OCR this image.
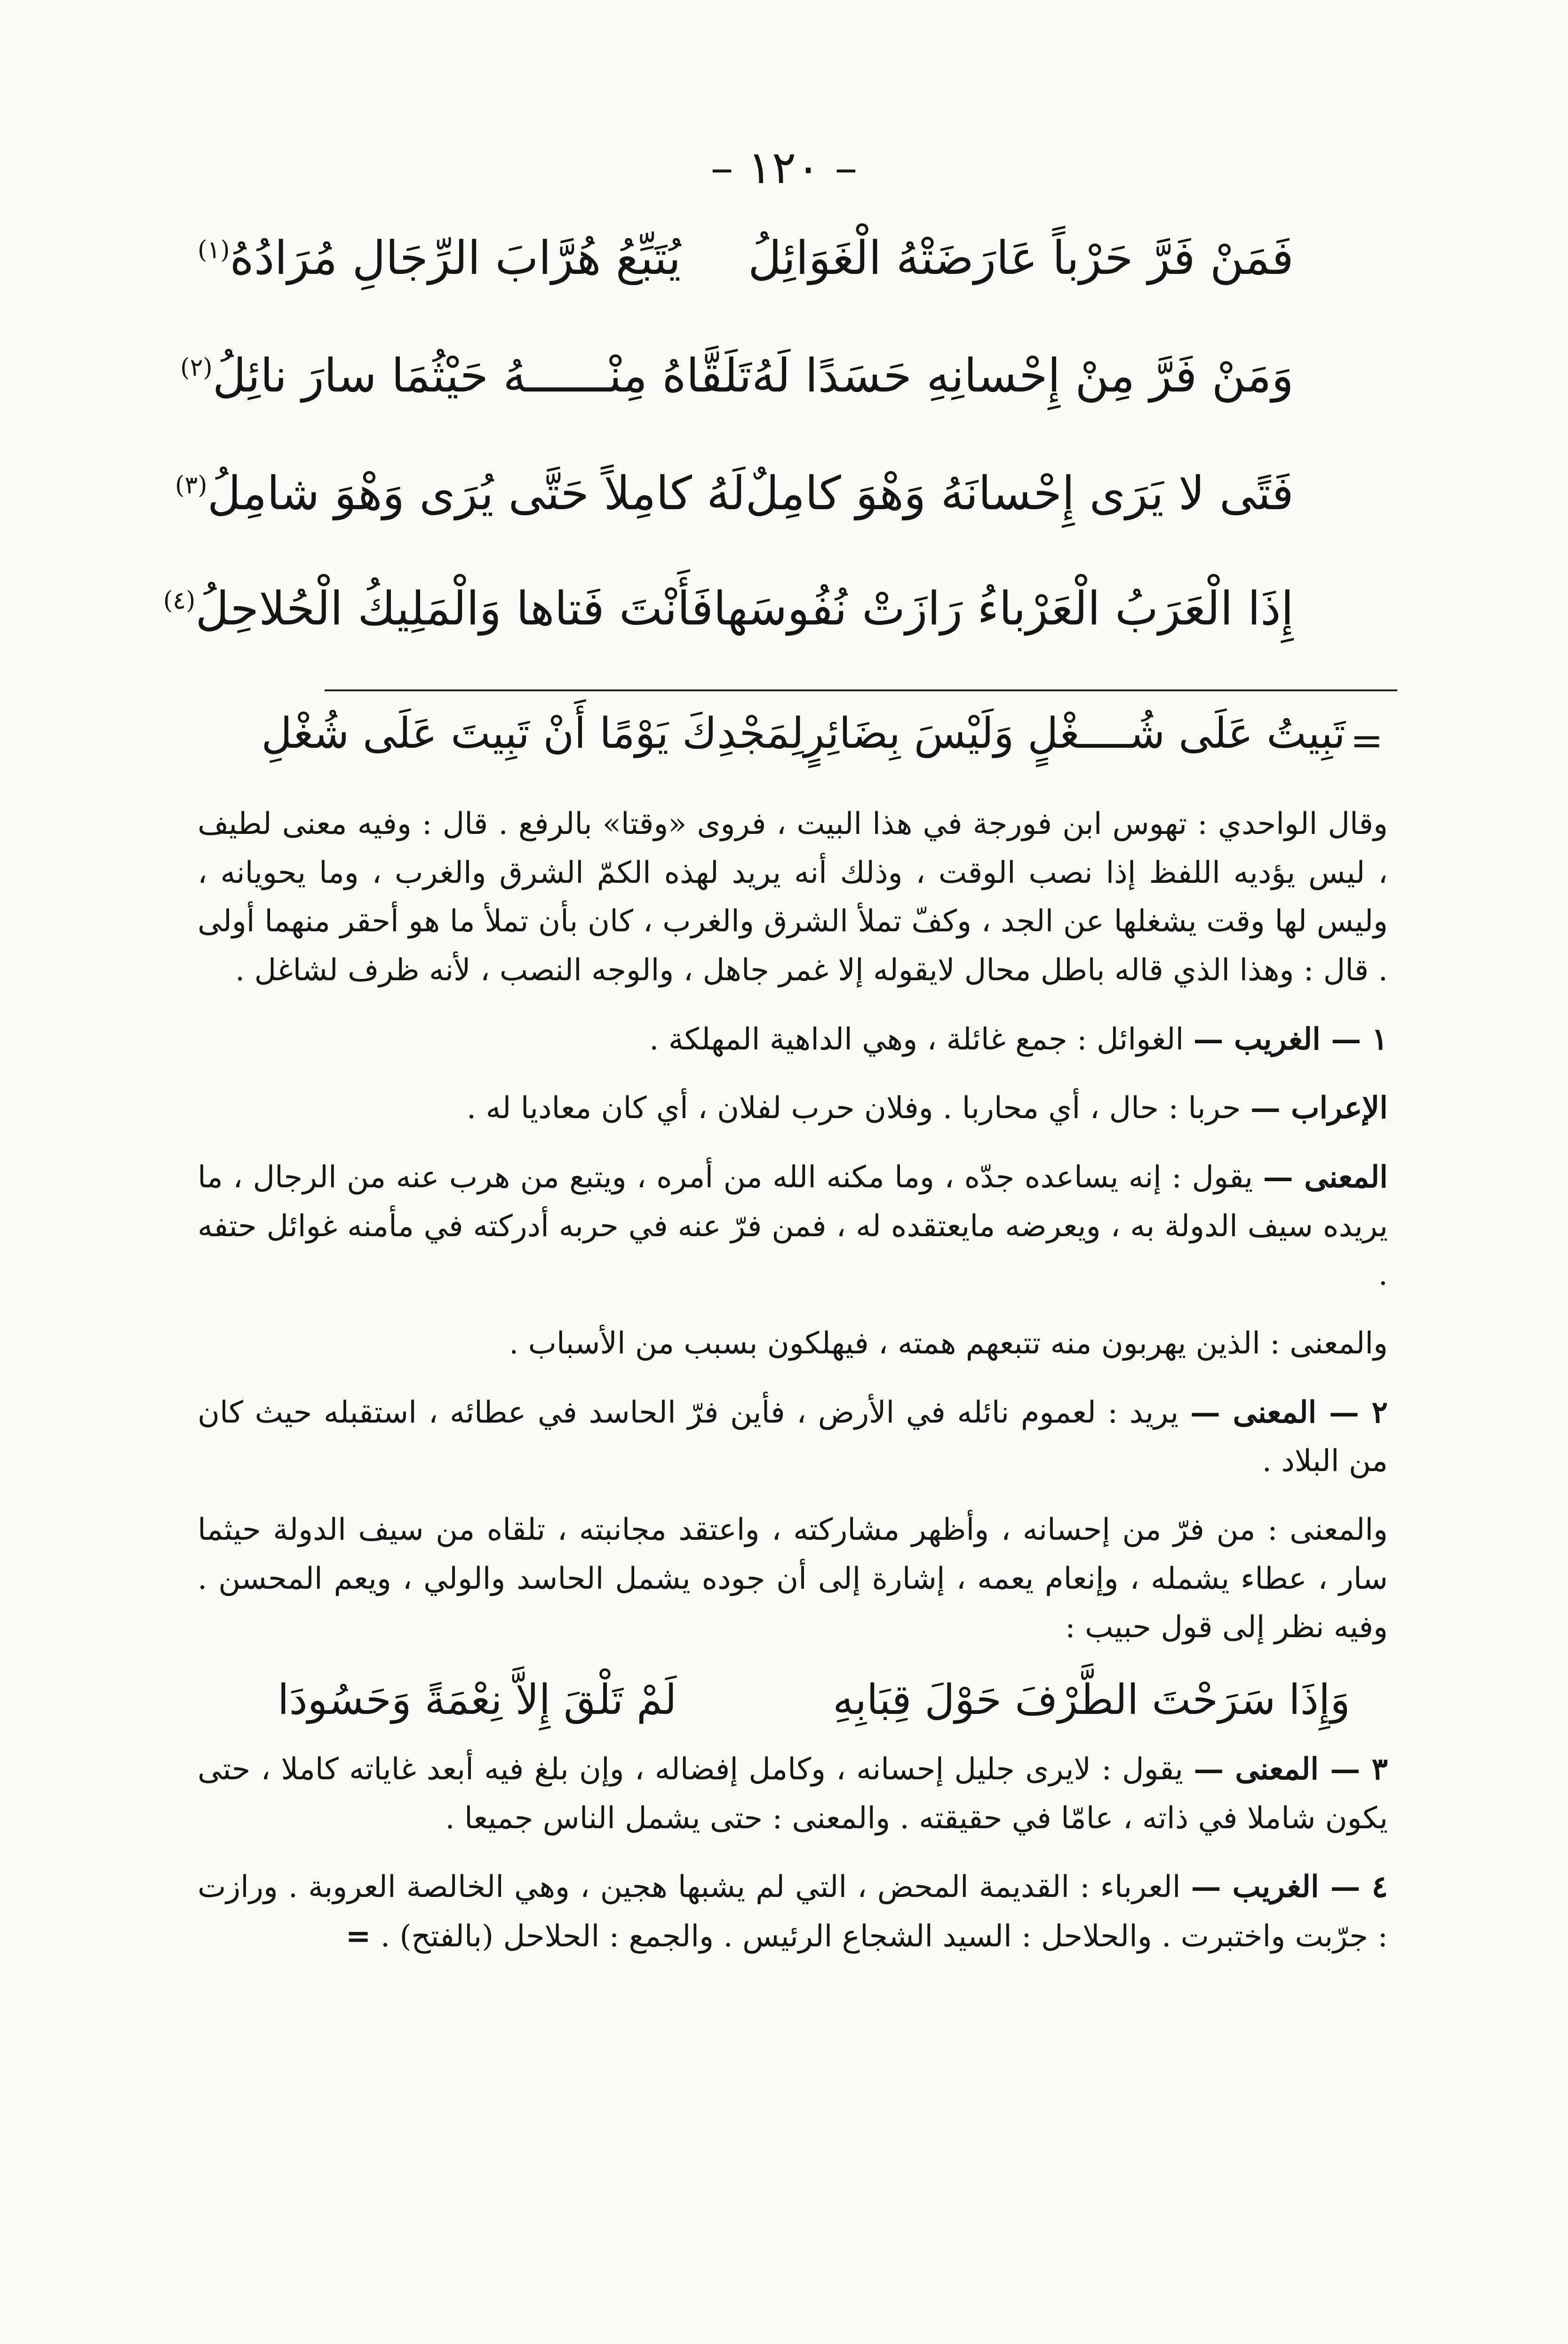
– ١٢٠ –
فَمَنْ فَرَّ حَرْباً عَارَضَتْهُ الْغَوَائِلُ
يُتَبِّعُ هُرَّابَ الرِّجَالِ مُرَادُهُ$^{(١)}$
وَمَنْ فَرَّ مِنْ إِحْسانِهِ حَسَدًا لَهُ
تَلَقَّاهُ مِنْــــــهُ حَيْثُمَا سارَ نائِلُ$^{(٢)}$
فَتًى لا يَرَى إِحْسانَهُ وَهْوَ كامِلٌ
لَهُ كامِلاً حَتَّى يُرَى وَهْوَ شامِلُ$^{(٣)}$
إِذَا الْعَرَبُ الْعَرْباءُ رَازَتْ نُفُوسَها
فَأَنْتَ فَتاها وَالْمَلِيكُ الْحُلاحِلُ$^{(٤)}$
=
تَبِيتُ عَلَى شُــــغْلٍ وَلَيْسَ بِضَائِرٍ
لِمَجْدِكَ يَوْمًا أَنْ تَبِيتَ عَلَى شُغْلِ

وقال الواحدي : تهوس ابن فورجة في هذا البيت ، فروى «وقتا» بالرفع . قال : وفيه معنى لطيف ، ليس يؤديه اللفظ إذا نصب الوقت ، وذلك أنه يريد لهذه الكمّ الشرق والغرب ، وما يحويانه ، وليس لها وقت يشغلها عن الجد ، وكفّ تملأ الشرق والغرب ، كان بأن تملأ ما هو أحقر منهما أولى . قال : وهذا الذي قاله باطل محال لايقوله إلا غمر جاهل ، والوجه النصب ، لأنه ظرف لشاغل .

١ — الغريب — الغوائل : جمع غائلة ، وهي الداهية المهلكة .

الإعراب — حربا : حال ، أي محاربا . وفلان حرب لفلان ، أي كان معاديا له .

المعنى — يقول : إنه يساعده جدّه ، وما مكنه الله من أمره ، ويتبع من هرب عنه من الرجال ، ما يريده سيف الدولة به ، ويعرضه مايعتقده له ، فمن فرّ عنه في حربه أدركته في مأمنه غوائل حتفه .

والمعنى : الذين يهربون منه تتبعهم همته ، فيهلكون بسبب من الأسباب .

٢ — المعنى — يريد : لعموم نائله في الأرض ، فأين فرّ الحاسد في عطائه ، استقبله حيث كان من البلاد .

والمعنى : من فرّ من إحسانه ، وأظهر مشاركته ، واعتقد مجانبته ، تلقاه من سيف الدولة حيثما سار ، عطاء يشمله ، وإنعام يعمه ، إشارة إلى أن جوده يشمل الحاسد والولي ، ويعم المحسن . وفيه نظر إلى قول حبيب :

وَإِذَا سَرَحْتَ الطَّرْفَ حَوْلَ قِبَابِهِ
لَمْ تَلْقَ إِلاَّ نِعْمَةً وَحَسُودَا

٣ — المعنى — يقول : لايرى جليل إحسانه ، وكامل إفضاله ، وإن بلغ فيه أبعد غاياته كاملا ، حتى يكون شاملا في ذاته ، عامّا في حقيقته . والمعنى : حتى يشمل الناس جميعا .

٤ — الغريب — العرباء : القديمة المحض ، التي لم يشبها هجين ، وهي الخالصة العروبة . ورازت : جرّبت واختبرت . والحلاحل : السيد الشجاع الرئيس . والجمع : الحلاحل (بالفتح) . =
